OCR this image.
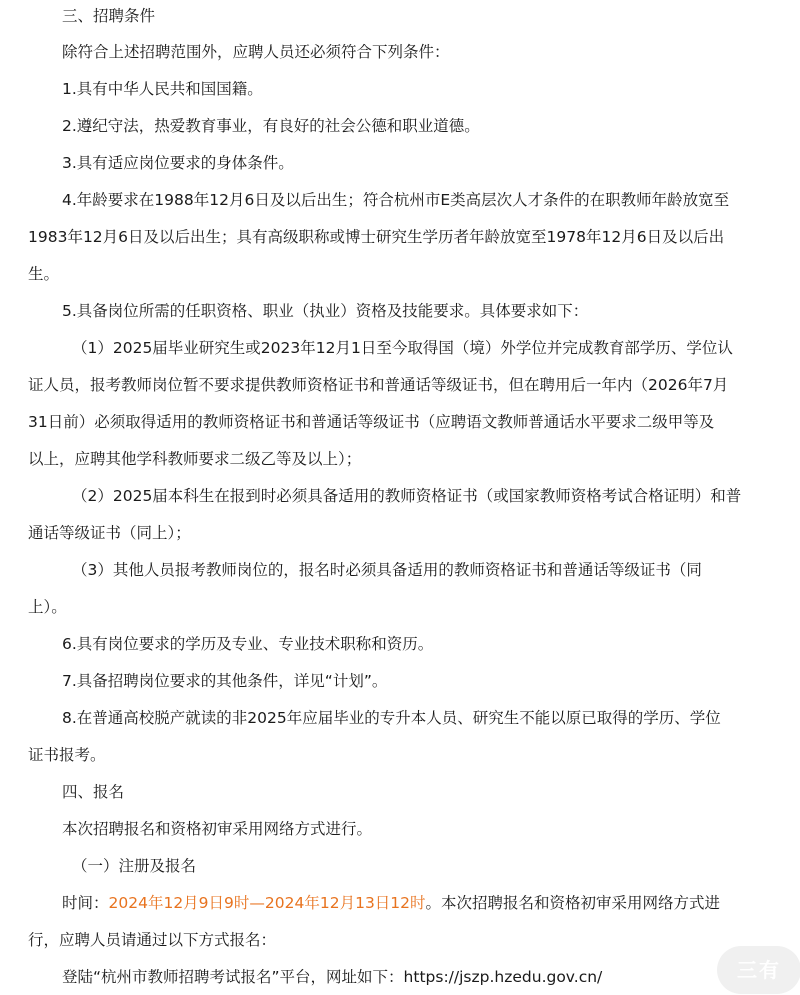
三、招聘条件

除符合上述招聘范围外，应聘人员还必须符合下列条件：

1.具有中华人民共和国国籍。

2.遵纪守法，热爱教育事业，有良好的社会公德和职业道德。

3.具有适应岗位要求的身体条件。

4.年龄要求在1988年12月6日及以后出生；符合杭州市E类高层次人才条件的在职教师年龄放宽至

1983年12月6日及以后出生；具有高级职称或博士研究生学历者年龄放宽至1978年12月6日及以后出

生。

5.具备岗位所需的任职资格、职业（执业）资格及技能要求。具体要求如下：

（1）2025届毕业研究生或2023年12月1日至今取得国（境）外学位并完成教育部学历、学位认

证人员，报考教师岗位暂不要求提供教师资格证书和普通话等级证书，但在聘用后一年内（2026年7月

31日前）必须取得适用的教师资格证书和普通话等级证书（应聘语文教师普通话水平要求二级甲等及

以上，应聘其他学科教师要求二级乙等及以上）；

（2）2025届本科生在报到时必须具备适用的教师资格证书（或国家教师资格考试合格证明）和普

通话等级证书（同上）；

（3）其他人员报考教师岗位的，报名时必须具备适用的教师资格证书和普通话等级证书（同

上）。

6.具有岗位要求的学历及专业、专业技术职称和资历。

7.具备招聘岗位要求的其他条件，详见“计划”。

8.在普通高校脱产就读的非2025年应届毕业的专升本人员、研究生不能以原已取得的学历、学位

证书报考。

四、报名

本次招聘报名和资格初审采用网络方式进行。

（一）注册及报名

时间：2024年12月9日9时—2024年12月13日12时。本次招聘报名和资格初审采用网络方式进

行，应聘人员请通过以下方式报名：

登陆“杭州市教师招聘考试报名”平台，网址如下：https://jszp.hzedu.gov.cn/	三有
